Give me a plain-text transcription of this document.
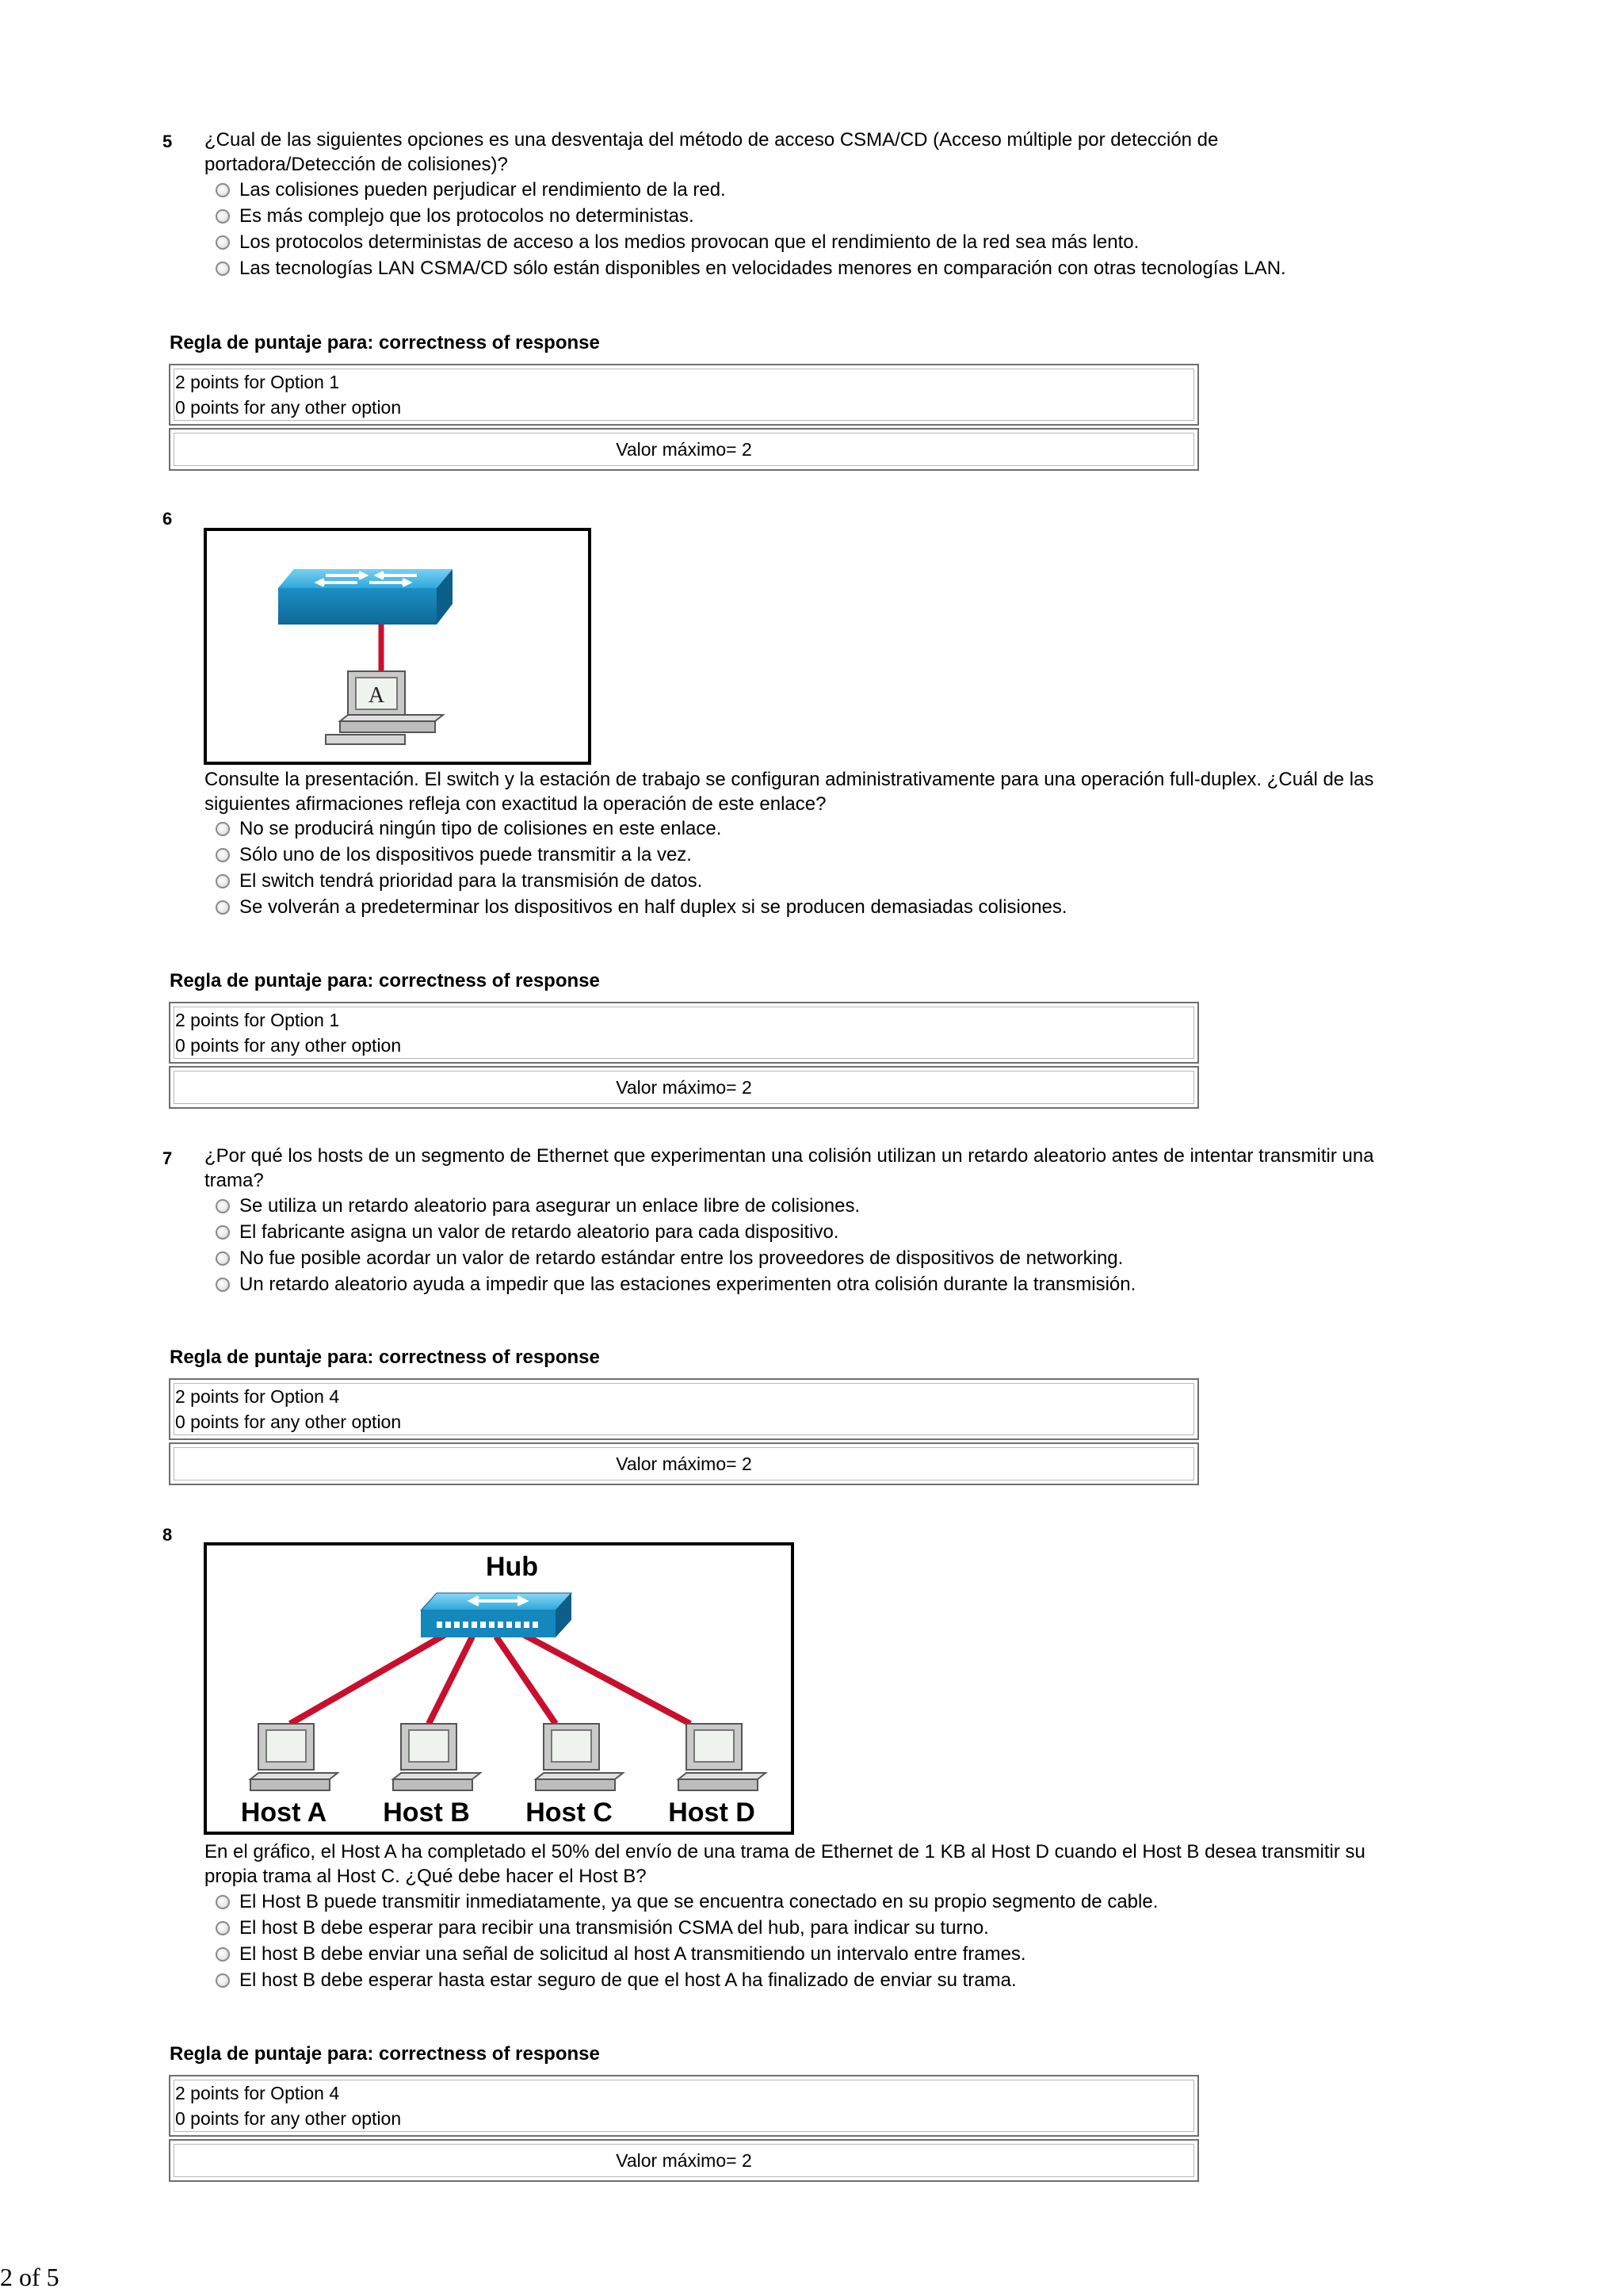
5 ¿Cual de las siguientes opciones es una desventaja del método de acceso CSMA/CD (Acceso múltiple por detección de portadora/Detección de colisiones)?
Las colisiones pueden perjudicar el rendimiento de la red.
Es más complejo que los protocolos no deterministas.
Los protocolos deterministas de acceso a los medios provocan que el rendimiento de la red sea más lento.
Las tecnologías LAN CSMA/CD sólo están disponibles en velocidades menores en comparación con otras tecnologías LAN.
Regla de puntaje para: correctness of response
2 points for Option 1
0 points for any other option
Valor máximo= 2
6
A
Consulte la presentación. El switch y la estación de trabajo se configuran administrativamente para una operación full-duplex. ¿Cuál de las siguientes afirmaciones refleja con exactitud la operación de este enlace?
No se producirá ningún tipo de colisiones en este enlace.
Sólo uno de los dispositivos puede transmitir a la vez.
El switch tendrá prioridad para la transmisión de datos.
Se volverán a predeterminar los dispositivos en half duplex si se producen demasiadas colisiones.
Regla de puntaje para: correctness of response
2 points for Option 1
0 points for any other option
Valor máximo= 2
7 ¿Por qué los hosts de un segmento de Ethernet que experimentan una colisión utilizan un retardo aleatorio antes de intentar transmitir una trama?
Se utiliza un retardo aleatorio para asegurar un enlace libre de colisiones.
El fabricante asigna un valor de retardo aleatorio para cada dispositivo.
No fue posible acordar un valor de retardo estándar entre los proveedores de dispositivos de networking.
Un retardo aleatorio ayuda a impedir que las estaciones experimenten otra colisión durante la transmisión.
Regla de puntaje para: correctness of response
2 points for Option 4
0 points for any other option
Valor máximo= 2
8
Hub
Host A Host B Host C Host D
En el gráfico, el Host A ha completado el 50% del envío de una trama de Ethernet de 1 KB al Host D cuando el Host B desea transmitir su propia trama al Host C. ¿Qué debe hacer el Host B?
El Host B puede transmitir inmediatamente, ya que se encuentra conectado en su propio segmento de cable.
El host B debe esperar para recibir una transmisión CSMA del hub, para indicar su turno.
El host B debe enviar una señal de solicitud al host A transmitiendo un intervalo entre frames.
El host B debe esperar hasta estar seguro de que el host A ha finalizado de enviar su trama.
Regla de puntaje para: correctness of response
2 points for Option 4
0 points for any other option
Valor máximo= 2
2 of 5
